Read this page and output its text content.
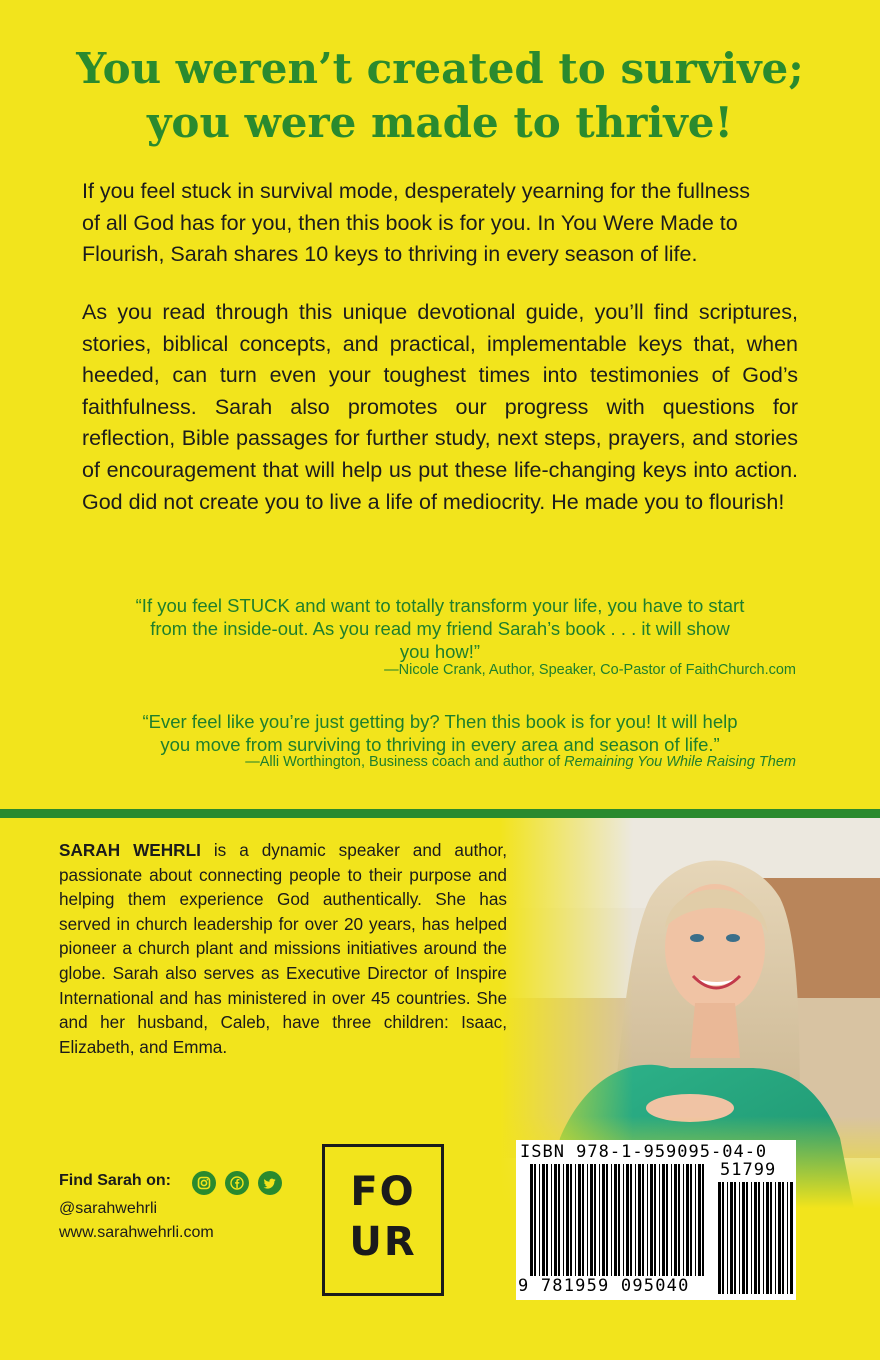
You weren’t created to survive;
you were made to thrive!
If you feel stuck in survival mode, desperately yearning for the fullness
of all God has for you, then this book is for you. In You Were Made to
Flourish, Sarah shares 10 keys to thriving in every season of life.
As you read through this unique devotional guide, you’ll find scriptures, stories, biblical concepts, and practical, implementable keys that, when heeded, can turn even your toughest times into testimonies of God’s faithfulness. Sarah also promotes our progress with questions for reflection, Bible passages for further study, next steps, prayers, and stories of encouragement that will help us put these life-changing keys into action. God did not create you to live a life of mediocrity. He made you to flourish!
“If you feel STUCK and want to totally transform your life, you have to start
from the inside-out. As you read my friend Sarah’s book . . . it will show
you how!”
—Nicole Crank, Author, Speaker, Co-Pastor of FaithChurch.com
“Ever feel like you’re just getting by? Then this book is for you! It will help
you move from surviving to thriving in every area and season of life.”
—Alli Worthington, Business coach and author of Remaining You While Raising Them
SARAH WEHRLI is a dynamic speaker and author, passionate about connecting people to their purpose and helping them experience God authentically. She has served in church leadership for over 20 years, has helped pioneer a church plant and missions initiatives around the globe. Sarah also serves as Executive Director of Inspire International and has ministered in over 45 countries. She and her husband, Caleb, have three children: Isaac, Elizabeth, and Emma.
Find Sarah on:
@sarahwehrli
www.sarahwehrli.com
FO
UR
ISBN 978-1-959095-04-0
51799
9 781959 095040
